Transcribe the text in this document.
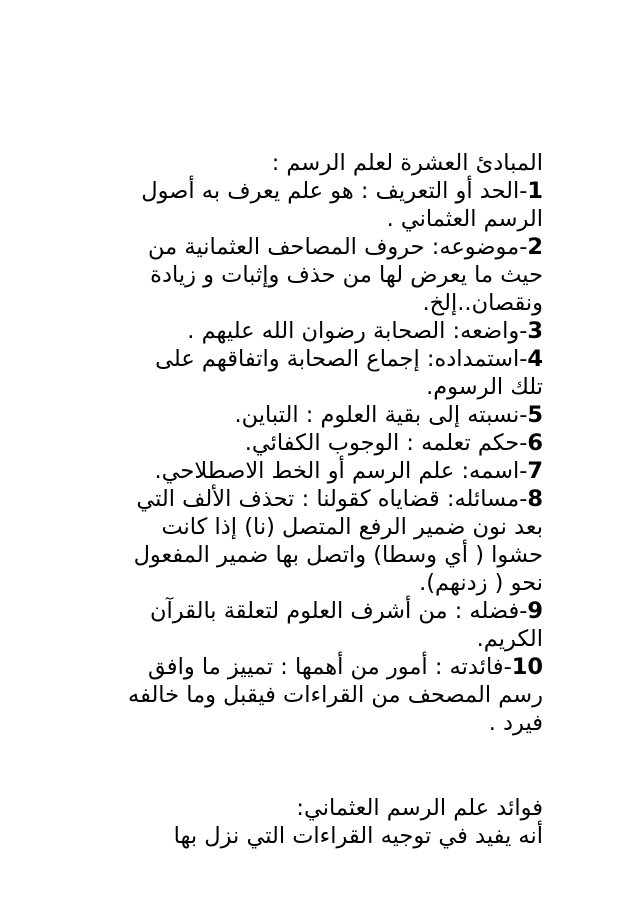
المبادئ العشرة لعلم الرسم :
1-الحد أو التعريف : هو علم يعرف به أصول
الرسم العثماني .
2-موضوعه: حروف المصاحف العثمانية من
حيث ما يعرض لها من حذف وإثبات و زيادة
ونقصان..إلخ.
3-واضعه: الصحابة رضوان الله عليهم .
4-استمداده: إجماع الصحابة واتفاقهم على
تلك الرسوم.
5-نسبته إلى بقية العلوم : التباين.
6-حكم تعلمه : الوجوب الكفائي.
7-اسمه: علم الرسم أو الخط الاصطلاحي.
8-مسائله: قضاياه كقولنا : تحذف الألف التي
بعد نون ضمير الرفع المتصل (نا) إذا كانت
حشوا ( أي وسطا) واتصل بها ضمير المفعول
نحو ( زدنهم).
9-فضله : من أشرف العلوم لتعلقة بالقرآن
الكريم.
10-فائدته : أمور من أهمها : تمييز ما وافق
رسم المصحف من القراءات فيقبل وما خالفه
فيرد .
فوائد علم الرسم العثماني:
أنه يفيد في توجيه القراءات التي نزل بها
